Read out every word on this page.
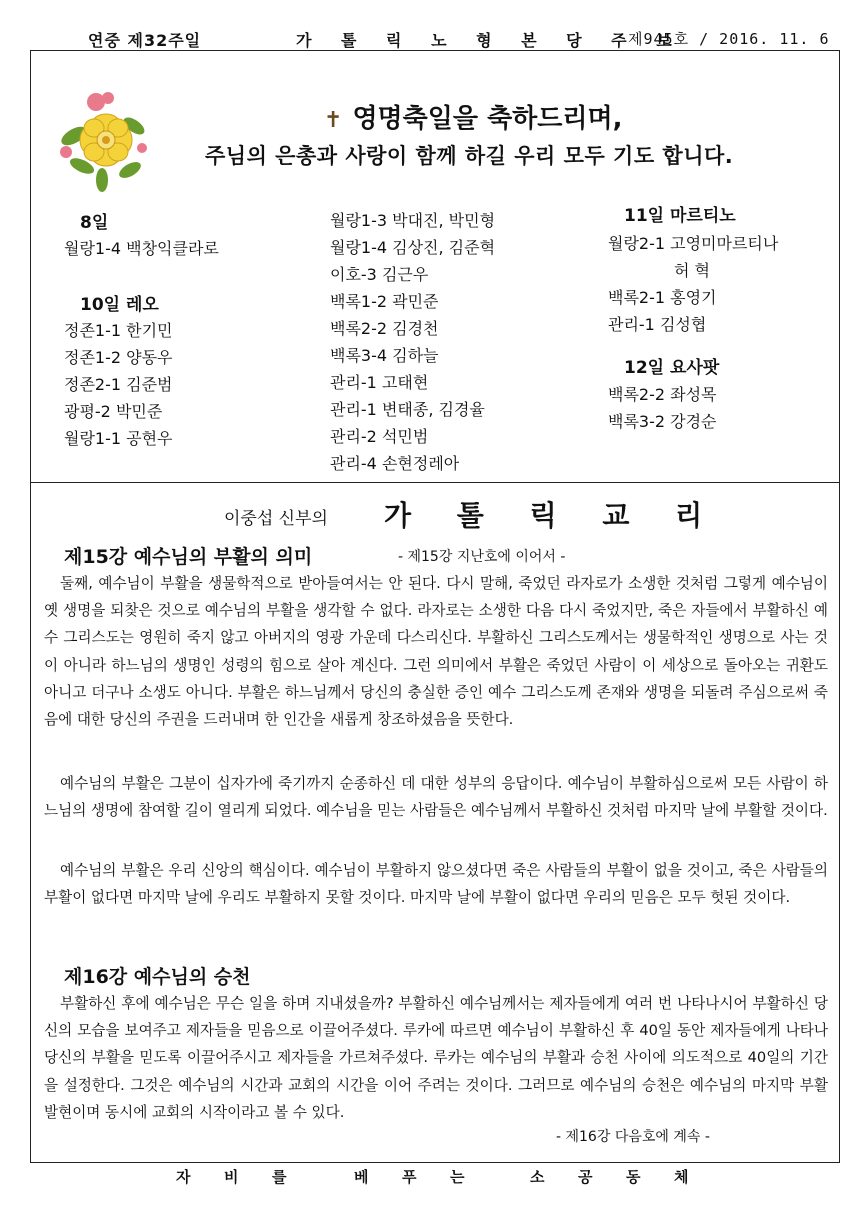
연중 제32주일	가 톨 릭 노 형 본 당 주 보
제945호 / 2016. 11. 6
✝ 영명축일을 축하드리며,
주님의 은총과 사랑이 함께 하길 우리 모두 기도 합니다.
8일
월랑1-4 백창익클라로
10일 레오
정존1-1 한기민
정존1-2 양동우
정존2-1 김준범
광평-2 박민준
월랑1-1 공현우
월랑1-3 박대진, 박민형
월랑1-4 김상진, 김준혁
이호-3 김근우
백록1-2 곽민준
백록2-2 김경천
백록3-4 김하늘
관리-1 고태현
관리-1 변태종, 김경율
관리-2 석민범
관리-4 손현정레아
11일 마르티노
월랑2-1 고영미마르티나
허 혁
백록2-1 홍영기
관리-1 김성협
12일 요사팟
백록2-2 좌성목
백록3-2 강경순
이중섭 신부의 가 톨 릭 교 리
제15강 예수님의 부활의 의미	- 제15강 지난호에 이어서 -
둘째, 예수님이 부활을 생물학적으로 받아들여서는 안 된다. 다시 말해, 죽었던 라자로가 소생한 것처럼 그렇게 예수님이 옛 생명을 되찾은 것으로 예수님의 부활을 생각할 수 없다. 라자로는 소생한 다음 다시 죽었지만, 죽은 자들에서 부활하신 예수 그리스도는 영원히 죽지 않고 아버지의 영광 가운데 다스리신다. 부활하신 그리스도께서는 생물학적인 생명으로 사는 것이 아니라 하느님의 생명인 성령의 힘으로 살아 계신다. 그런 의미에서 부활은 죽었던 사람이 이 세상으로 돌아오는 귀환도 아니고 더구나 소생도 아니다. 부활은 하느님께서 당신의 충실한 증인 예수 그리스도께 존재와 생명을 되돌려 주심으로써 죽음에 대한 당신의 주권을 드러내며 한 인간을 새롭게 창조하셨음을 뜻한다.
예수님의 부활은 그분이 십자가에 죽기까지 순종하신 데 대한 성부의 응답이다. 예수님이 부활하심으로써 모든 사람이 하느님의 생명에 참여할 길이 열리게 되었다. 예수님을 믿는 사람들은 예수님께서 부활하신 것처럼 마지막 날에 부활할 것이다.
예수님의 부활은 우리 신앙의 핵심이다. 예수님이 부활하지 않으셨다면 죽은 사람들의 부활이 없을 것이고, 죽은 사람들의 부활이 없다면 마지막 날에 우리도 부활하지 못할 것이다. 마지막 날에 부활이 없다면 우리의 믿음은 모두 헛된 것이다.
제16강 예수님의 승천
부활하신 후에 예수님은 무슨 일을 하며 지내셨을까? 부활하신 예수님께서는 제자들에게 여러 번 나타나시어 부활하신 당신의 모습을 보여주고 제자들을 믿음으로 이끌어주셨다. 루카에 따르면 예수님이 부활하신 후 40일 동안 제자들에게 나타나 당신의 부활을 믿도록 이끌어주시고 제자들을 가르쳐주셨다. 루카는 예수님의 부활과 승천 사이에 의도적으로 40일의 기간을 설정한다. 그것은 예수님의 시간과 교회의 시간을 이어 주려는 것이다. 그러므로 예수님의 승천은 예수님의 마지막 부활 발현이며 동시에 교회의 시작이라고 볼 수 있다.
- 제16강 다음호에 계속 -
자 비 를	베 푸 는	소 공 동 체
